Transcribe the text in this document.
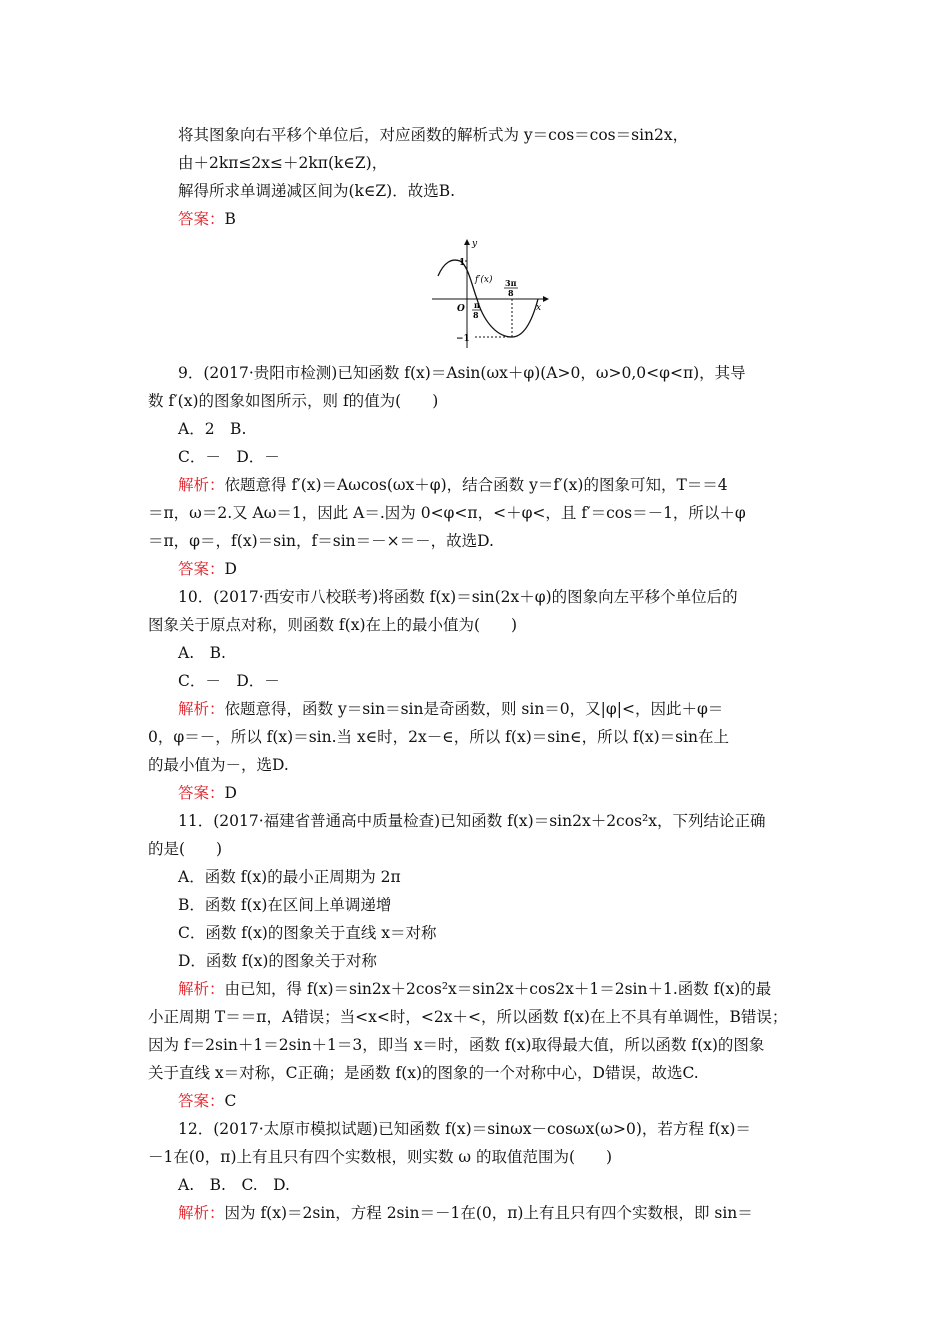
将其图象向右平移个单位后，对应函数的解析式为 y＝cos＝cos＝sin2x，
由＋2kπ≤2x≤＋2kπ(k∈Z)，
解得所求单调递减区间为(k∈Z)．故选B.
答案：B
y
x
1
−1
O
f′(x)
π
8
3π
8
9．(2017·贵阳市检测)已知函数 f(x)＝Asin(ωx＋φ)(A>0，ω>0,0<φ<π)，其导
数 f′(x)的图象如图所示，则 f的值为(　　)
A．2　B.
C．－　D．－
解析：依题意得 f′(x)＝Aωcos(ωx＋φ)，结合函数 y＝f′(x)的图象可知，T＝＝4
＝π，ω＝2.又 Aω＝1，因此 A＝.因为 0<φ<π，<＋φ<，且 f′＝cos＝－1，所以＋φ
＝π，φ＝，f(x)＝sin，f＝sin＝－×＝－，故选D.
答案：D
10．(2017·西安市八校联考)将函数 f(x)＝sin(2x＋φ)的图象向左平移个单位后的
图象关于原点对称，则函数 f(x)在上的最小值为(　　)
A.　B.
C．－　D．－
解析：依题意得，函数 y＝sin＝sin是奇函数，则 sin＝0，又|φ|<，因此＋φ＝
0，φ＝－，所以 f(x)＝sin.当 x∈时，2x－∈，所以 f(x)＝sin∈，所以 f(x)＝sin在上
的最小值为－，选D.
答案：D
11．(2017·福建省普通高中质量检查)已知函数 f(x)＝sin2x＋2cos²x，下列结论正确
的是(　　)
A．函数 f(x)的最小正周期为 2π
B．函数 f(x)在区间上单调递增
C．函数 f(x)的图象关于直线 x＝对称
D．函数 f(x)的图象关于对称
解析：由已知，得 f(x)＝sin2x＋2cos²x＝sin2x＋cos2x＋1＝2sin＋1.函数 f(x)的最
小正周期 T＝＝π，A错误；当<x<时，<2x＋<，所以函数 f(x)在上不具有单调性，B错误；
因为 f＝2sin＋1＝2sin＋1＝3，即当 x＝时，函数 f(x)取得最大值，所以函数 f(x)的图象
关于直线 x＝对称，C正确；是函数 f(x)的图象的一个对称中心，D错误，故选C.
答案：C
12．(2017·太原市模拟试题)已知函数 f(x)＝sinωx－cosωx(ω>0)，若方程 f(x)＝
－1在(0，π)上有且只有四个实数根，则实数 ω 的取值范围为(　　)
A.　B.　C.　D.
解析：因为 f(x)＝2sin，方程 2sin＝－1在(0，π)上有且只有四个实数根，即 sin＝
